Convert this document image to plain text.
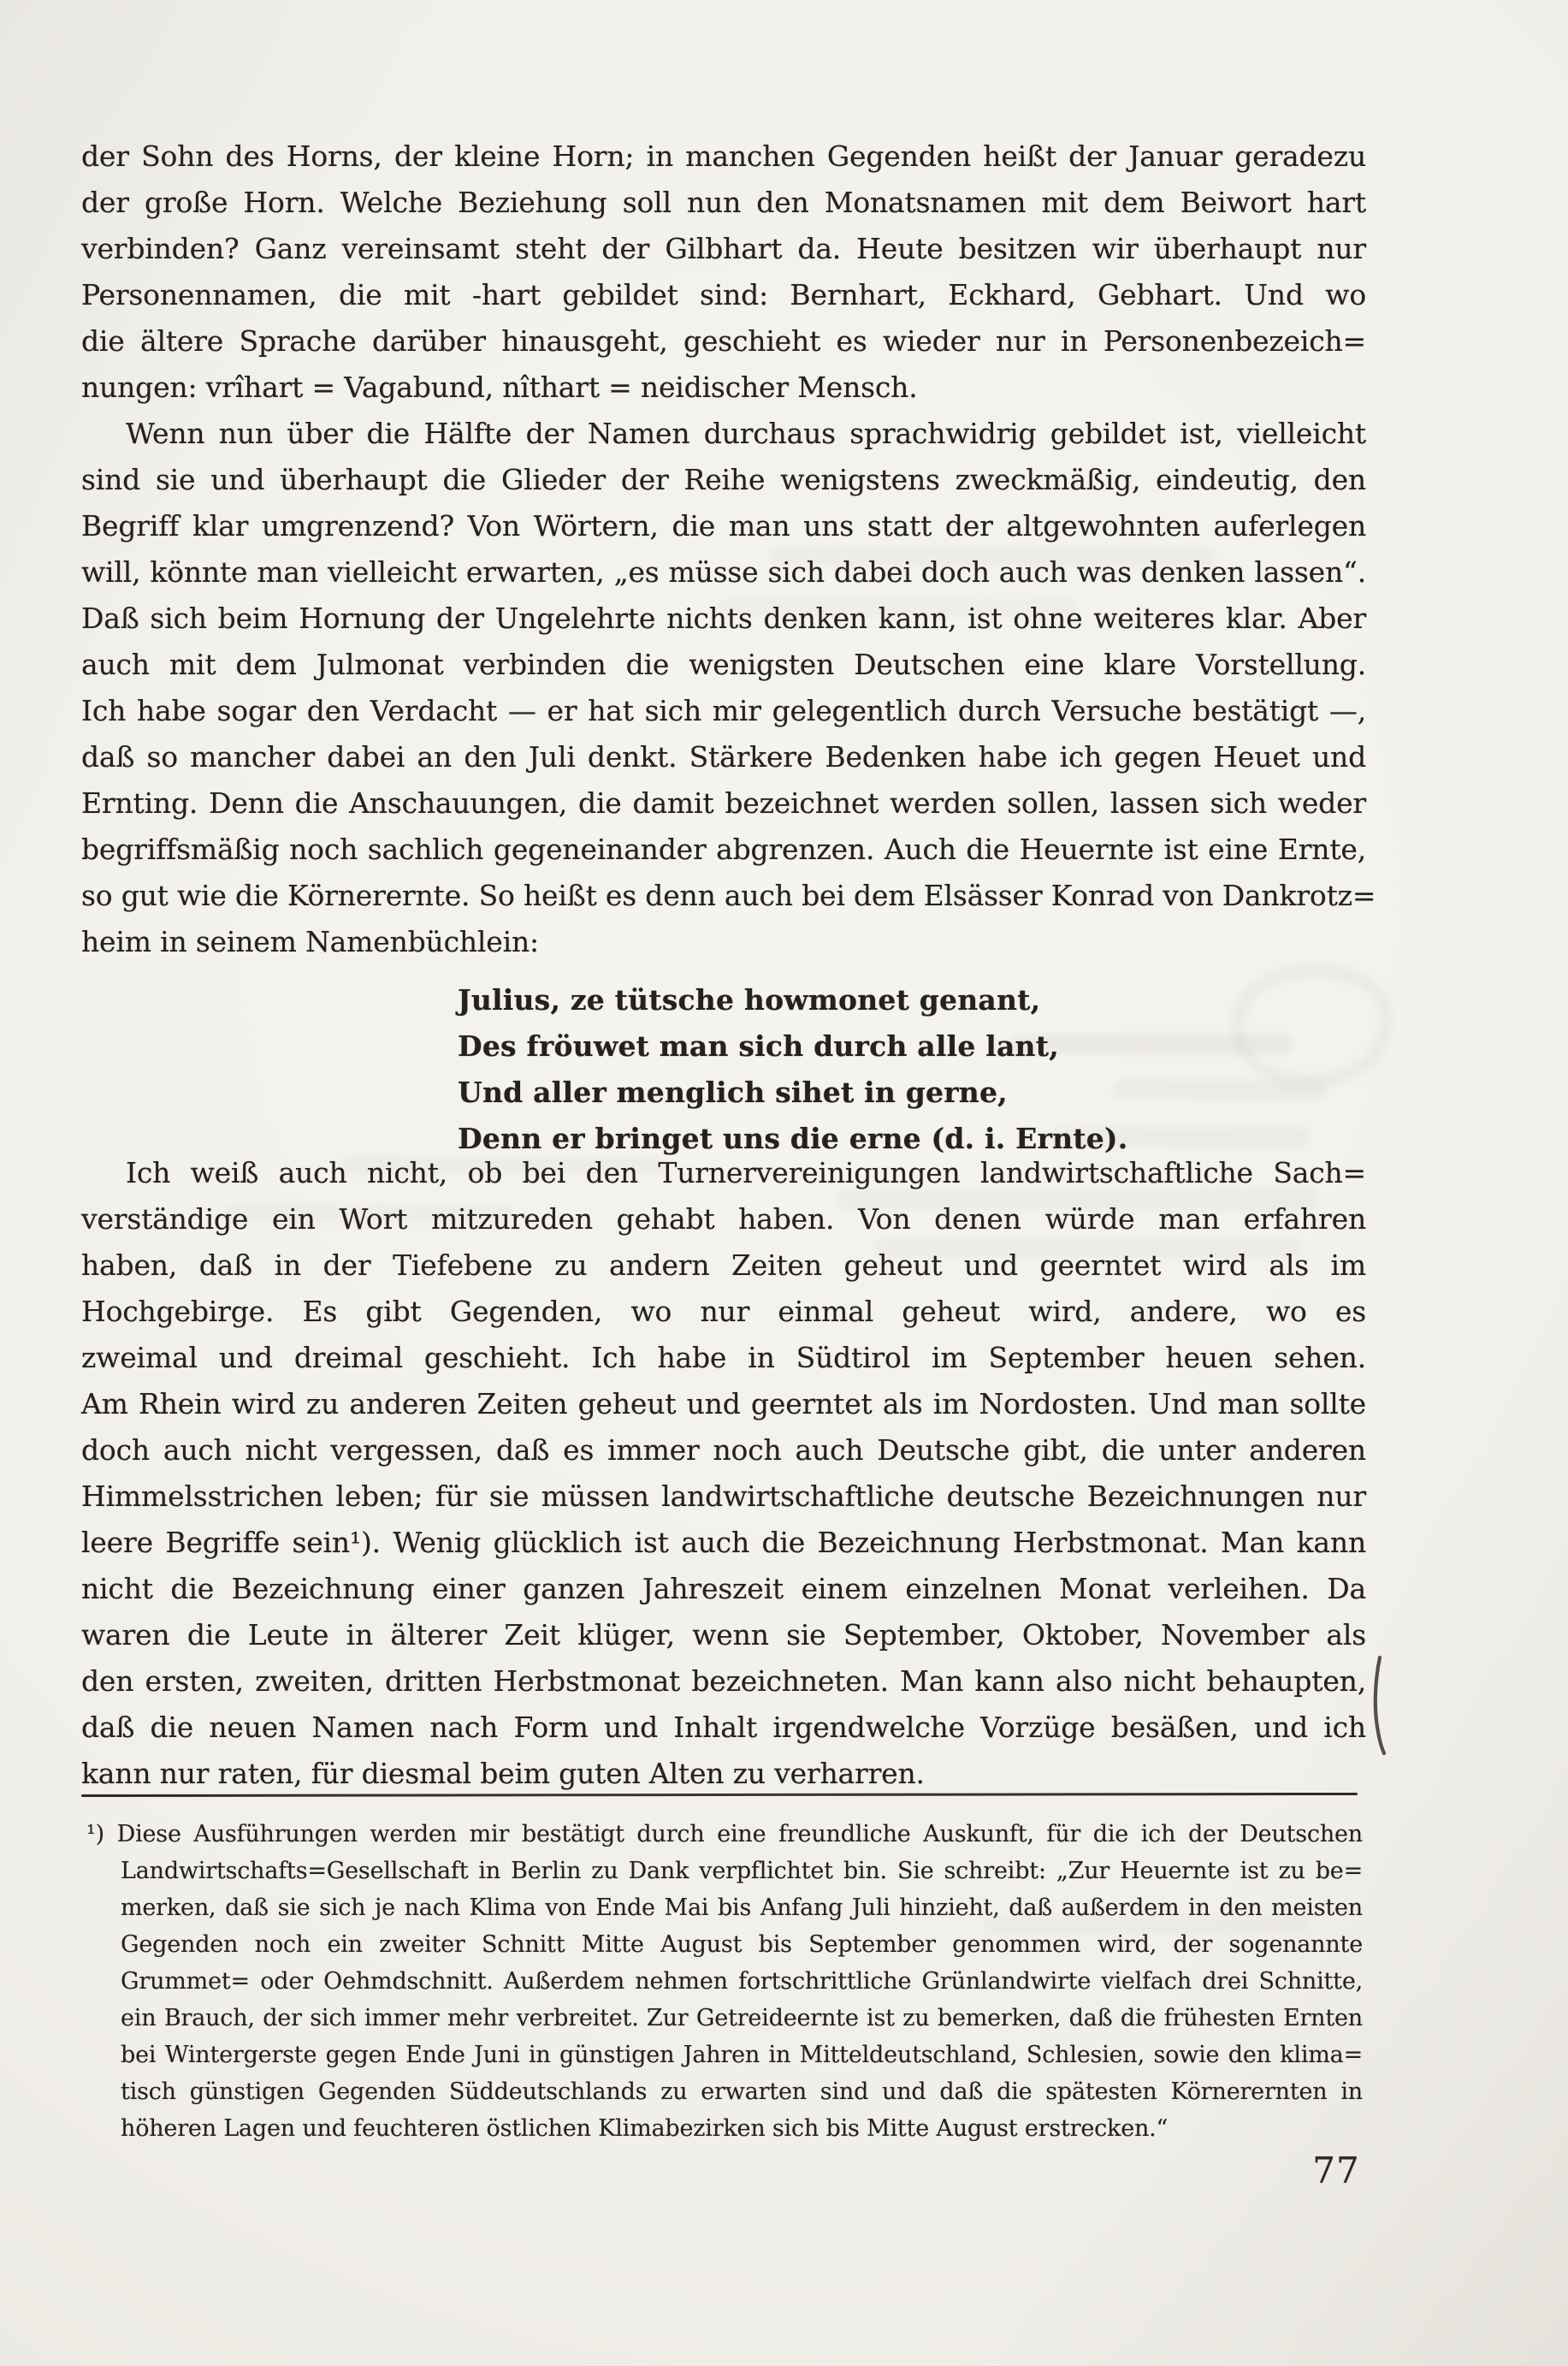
der Sohn des Horns, der kleine Horn; in manchen Gegenden heißt der Januar geradezu
der große Horn. Welche Beziehung soll nun den Monatsnamen mit dem Beiwort hart
verbinden? Ganz vereinsamt steht der Gilbhart da. Heute besitzen wir überhaupt nur
Personennamen, die mit -hart gebildet sind: Bernhart, Eckhard, Gebhart. Und wo
die ältere Sprache darüber hinausgeht, geschieht es wieder nur in Personenbezeich=
nungen: vrîhart = Vagabund, nîthart = neidischer Mensch.
Wenn nun über die Hälfte der Namen durchaus sprachwidrig gebildet ist, vielleicht
sind sie und überhaupt die Glieder der Reihe wenigstens zweckmäßig, eindeutig, den
Begriff klar umgrenzend? Von Wörtern, die man uns statt der altgewohnten auferlegen
will, könnte man vielleicht erwarten, „es müsse sich dabei doch auch was denken lassen“.
Daß sich beim Hornung der Ungelehrte nichts denken kann, ist ohne weiteres klar. Aber
auch mit dem Julmonat verbinden die wenigsten Deutschen eine klare Vorstellung.
Ich habe sogar den Verdacht — er hat sich mir gelegentlich durch Versuche bestätigt —,
daß so mancher dabei an den Juli denkt. Stärkere Bedenken habe ich gegen Heuet und
Ernting. Denn die Anschauungen, die damit bezeichnet werden sollen, lassen sich weder
begriffsmäßig noch sachlich gegeneinander abgrenzen. Auch die Heuernte ist eine Ernte,
so gut wie die Körnerernte. So heißt es denn auch bei dem Elsässer Konrad von Dankrotz=
heim in seinem Namenbüchlein:
Julius, ze tütsche howmonet genant,
Des fröuwet man sich durch alle lant,
Und aller menglich sihet in gerne,
Denn er bringet uns die erne (d. i. Ernte).
Ich weiß auch nicht, ob bei den Turnervereinigungen landwirtschaftliche Sach=
verständige ein Wort mitzureden gehabt haben. Von denen würde man erfahren
haben, daß in der Tiefebene zu andern Zeiten geheut und geerntet wird als im
Hochgebirge. Es gibt Gegenden, wo nur einmal geheut wird, andere, wo es
zweimal und dreimal geschieht. Ich habe in Südtirol im September heuen sehen.
Am Rhein wird zu anderen Zeiten geheut und geerntet als im Nordosten. Und man sollte
doch auch nicht vergessen, daß es immer noch auch Deutsche gibt, die unter anderen
Himmelsstrichen leben; für sie müssen landwirtschaftliche deutsche Bezeichnungen nur
leere Begriffe sein¹). Wenig glücklich ist auch die Bezeichnung Herbstmonat. Man kann
nicht die Bezeichnung einer ganzen Jahreszeit einem einzelnen Monat verleihen. Da
waren die Leute in älterer Zeit klüger, wenn sie September, Oktober, November als
den ersten, zweiten, dritten Herbstmonat bezeichneten. Man kann also nicht behaupten,
daß die neuen Namen nach Form und Inhalt irgendwelche Vorzüge besäßen, und ich
kann nur raten, für diesmal beim guten Alten zu verharren.
¹) Diese Ausführungen werden mir bestätigt durch eine freundliche Auskunft, für die ich der Deutschen
Landwirtschafts=Gesellschaft in Berlin zu Dank verpflichtet bin. Sie schreibt: „Zur Heuernte ist zu be=
merken, daß sie sich je nach Klima von Ende Mai bis Anfang Juli hinzieht, daß außerdem in den meisten
Gegenden noch ein zweiter Schnitt Mitte August bis September genommen wird, der sogenannte
Grummet= oder Oehmdschnitt. Außerdem nehmen fortschrittliche Grünlandwirte vielfach drei Schnitte,
ein Brauch, der sich immer mehr verbreitet. Zur Getreideernte ist zu bemerken, daß die frühesten Ernten
bei Wintergerste gegen Ende Juni in günstigen Jahren in Mitteldeutschland, Schlesien, sowie den klima=
tisch günstigen Gegenden Süddeutschlands zu erwarten sind und daß die spätesten Körnerernten in
höheren Lagen und feuchteren östlichen Klimabezirken sich bis Mitte August erstrecken.“
77
